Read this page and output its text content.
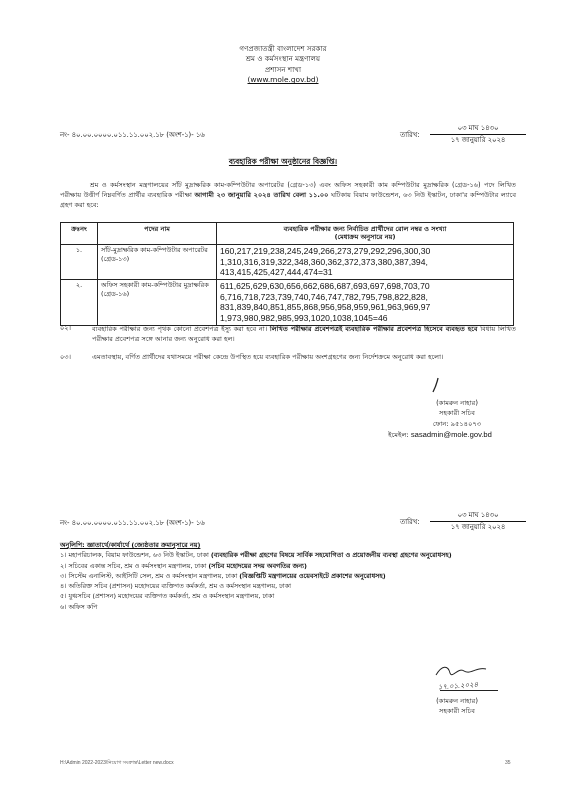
গণপ্রজাতন্ত্রী বাংলাদেশ সরকার
শ্রম ও কর্মসংস্থান মন্ত্রণালয়
প্রশাসন শাখা
(www.mole.gov.bd)
নং- ৪০.০০.০০০০.০১১.১১.০০২.১৮ (অংশ-১)- ১৬	তারিখ:
০৩ মাঘ ১৪৩০
১৭ জানুয়ারি ২০২৪
ব্যবহারিক পরীক্ষা অনুষ্ঠানের বিজ্ঞপ্তি।
শ্রম ও কর্মসংস্থান মন্ত্রণালয়ের সাঁট মুদ্রাক্ষরিক কাম-কম্পিউটার অপারেটর (গ্রেড-১৩) এবং অফিস সহকারী কাম কম্পিউটার মুদ্রাক্ষরিক (গ্রেড-১৬) পদে লিখিত পরীক্ষায় উত্তীর্ণ নিম্নবর্ণিত প্রার্থীর ব্যবহারিক পরীক্ষা আগামী ২৩ জানুয়ারি ২০২৪ তারিখ বেলা ১১.০০ ঘটিকায় বিয়াম ফাউন্ডেশন, ৬৩ নিউ ইস্কাটন, ঢাকা'র কম্পিউটার ল্যাবে গ্রহণ করা হবে:
ক্রঃনং	পদের নাম	ব্যবহারিক পরীক্ষার জন্য নির্বাচিত প্রার্থীদের রোল নম্বর ও সংখ্যা
(মেধাক্রম অনুসারে নয়)

১.	সাঁট-মুদ্রাক্ষরিক কাম-কম্পিউটার অপারেটর (গ্রেড-১৩)	160,217,219,238,245,249,266,273,279,292,296,300,30
1,310,316,319,322,348,360,362,372,373,380,387,394,
413,415,425,427,444,474=31
২.	অফিস সহকারী কাম-কম্পিউটার মুদ্রাক্ষরিক (গ্রেড-১৬)	611,625,629,630,656,662,686,687,693,697,698,703,70
6,716,718,723,739,740,746,747,782,795,798,822,828,
831,839,840,851,855,868,956,958,959,961,963,969,97
1,973,980,982,985,993,1020,1038,1045=46
০২।	ব্যবহারিক পরীক্ষার জন্য পৃথক কোনো প্রবেশপত্র ইস্যু করা হবে না। লিখিত পরীক্ষার প্রবেশপত্রই ব্যবহারিক পরীক্ষার প্রবেশপত্র হিসেবে ব্যবহৃত হবে বিধায় লিখিত পরীক্ষার প্রবেশপত্র সঙ্গে আনার জন্য অনুরোধ করা হল।
০৩।	এমতাবস্থায়, বর্ণিত প্রার্থীদের যথাসময়ে পরীক্ষা কেন্দ্রে উপস্থিত হয়ে ব্যবহারিক পরীক্ষায় অংশগ্রহণের জন্য নির্দেশক্রমে অনুরোধ করা হলো।
(কামরুন নাহার)
সহকারী সচিব
ফোন: ৯৫১৪০৭৩
ইমেইল: sasadmin@mole.gov.bd
নং- ৪০.০০.০০০০.০১১.১১.০০২.১৮ (অংশ-১)- ১৬	তারিখ:
০৩ মাঘ ১৪৩০
১৭ জানুয়ারি ২০২৪
অনুলিপি: জ্ঞাতার্থে/কার্যার্থে (জ্যেষ্ঠতার ক্রমানুসারে নয়)
১। মহাপরিচালক, বিয়াম ফাউন্ডেশন, ৬৩ নিউ ইস্কাটন, ঢাকা (ব্যবহারিক পরীক্ষা গ্রহণের বিষয়ে সার্বিক সহযোগিতা ও প্রয়োজনীয় ব্যবস্থা গ্রহণের অনুরোধসহ)
২। সচিবের একান্ত সচিব, শ্রম ও কর্মসংস্থান মন্ত্রণালয়, ঢাকা (সচিব মহোদয়ের সদয় অবগতির জন্য)
৩। সিস্টেম এনালিস্ট, আইসিটি সেল, শ্রম ও কর্মসংস্থান মন্ত্রণালয়, ঢাকা (বিজ্ঞপ্তিটি মন্ত্রণালয়ের ওয়েবসাইটে প্রকাশের অনুরোধসহ)
৪। অতিরিক্ত সচিব (প্রশাসন) মহোদয়ের ব্যক্তিগত কর্মকর্তা, শ্রম ও কর্মসংস্থান মন্ত্রণালয়, ঢাকা
৫। যুগ্মসচিব (প্রশাসন) মহোদয়ের ব্যক্তিগত কর্মকর্তা, শ্রম ও কর্মসংস্থান মন্ত্রণালয়, ঢাকা
৬। অফিস কপি
১৭.০১.২০২৪
(কামরুন নাহার)
সহকারী সচিব
H:\Admin 2022-2023\নিয়োগ সংক্রান্ত\Letter new.docx	35
